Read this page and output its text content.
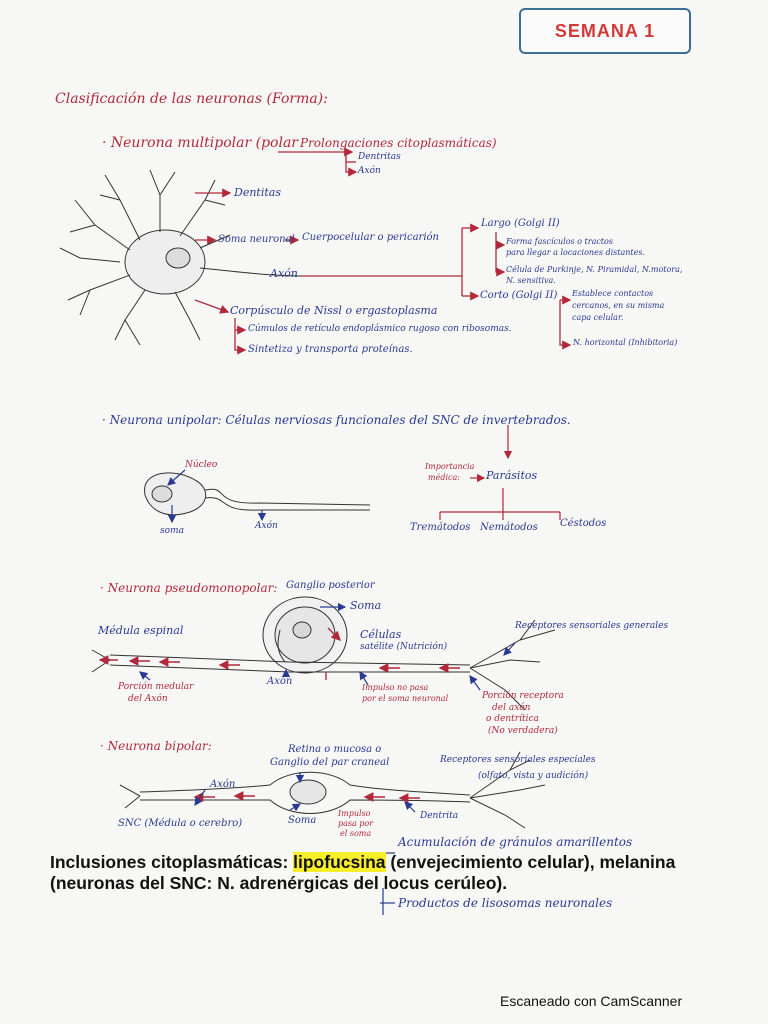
SEMANA 1
Clasificación de las neuronas (Forma):
· Neurona multipolar (polar Prolongaciones citoplasmáticas)
Dentritas
Axón
Dentitas
Soma neuronal Cuerpocelular o pericarión
Axón
Largo (Golgi II)
Forma fascículos o tractos
para llegar a locaciones distantes.
Célula de Purkinje, N. Piramidal, N.motora,
N. sensitiva.
Corto (Golgi II) Establece contactos
cercanos, en su misma
capa celular.
N. horizontal (Inhibitoria)
Corpúsculo de Nissl o ergastoplasma
Cúmulos de retículo endoplásmico rugoso con ribosomas.
Sintetiza y transporta proteínas.
· Neurona unipolar: Células nerviosas funcionales del SNC de invertebrados.
Núcleo
soma	Axón
Importancia
médica: Parásitos
Tremátodos Nemátodos Céstodos
· Neurona pseudomonopolar: Ganglio posterior
Soma
Médula espinal	Células
satélite (Nutrición)
Receptores sensoriales generales
Axón
Porción medular
del Axón
Impulso no pasa
por el soma neuronal	Porción receptora
del axón
o dentrítica
(No verdadera)
· Neurona bipolar:	Retina o mucosa o
Ganglio del par craneal	Receptores sensoriales especiales
(olfato, vista y audición)
Axón
SNC (Médula o cerebro)	Soma
Impulso
pasa por
el soma
Dentrita
Acumulación de gránulos amarillentos
Inclusiones citoplasmáticas: lipofucsina (envejecimiento celular), melanina
(neuronas del SNC: N. adrenérgicas del locus cerúleo).
Productos de lisosomas neuronales
Escaneado con CamScanner
